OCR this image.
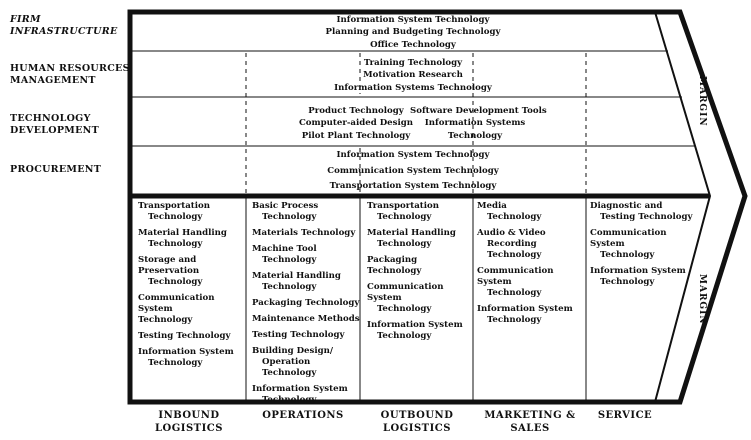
FIRM
INFRASTRUCTURE
HUMAN RESOURCES
MANAGEMENT
TECHNOLOGY
DEVELOPMENT
PROCUREMENT
Information System Technology
Planning and Budgeting Technology
Office Technology
Training Technology
Motivation Research
Information Systems Technology
Product Technology
Computer-aided Design
Pilot Plant Technology
Software Development Tools
Information Systems
Technology
Information System Technology
Communication System Technology
Transportation System Technology
Transportation
Technology
Material Handling
Technology
Storage and Preservation
Technology
Communication System
Technology
Testing Technology
Information System
Technology
Basic Process
Technology
Materials Technology
Machine Tool
Technology
Material Handling
Technology
Packaging Technology
Maintenance Methods
Testing Technology
Building Design/
Operation Technology
Information System
Technology
Transportation
Technology
Material Handling
Technology
Packaging Technology
Communication System
Technology
Information System
Technology
Media
Technology
Audio & Video
Recording Technology
Communication System
Technology
Information System
Technology
Diagnostic and
Testing Technology
Communication System
Technology
Information System
Technology
INBOUND
LOGISTICS
OPERATIONS	OUTBOUND
LOGISTICS
MARKETING &
SALES
SERVICE
MARGIN
MARGIN
